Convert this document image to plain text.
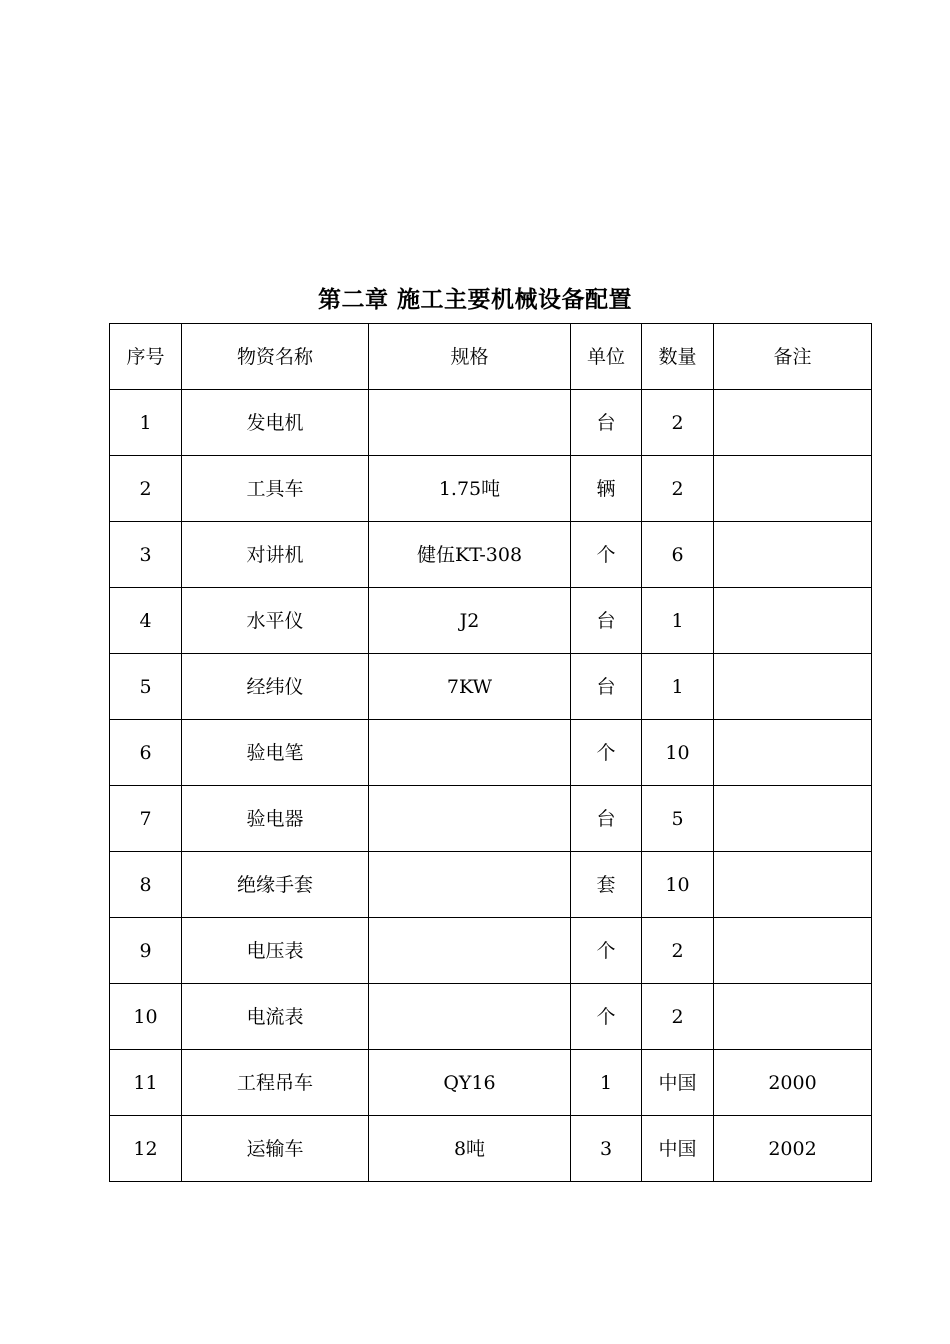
第二章 施工主要机械设备配置
序号	物资名称	规格	单位	数量	备注
1	发电机		台	2	
2	工具车	1.75吨	辆	2	
3	对讲机	健伍KT-308	个	6	
4	水平仪	J2	台	1	
5	经纬仪	7KW	台	1	
6	验电笔		个	10	
7	验电器		台	5	
8	绝缘手套		套	10	
9	电压表		个	2	
10	电流表		个	2	
11	工程吊车	QY16	1	中国	2000
12	运输车	8吨	3	中国	2002
